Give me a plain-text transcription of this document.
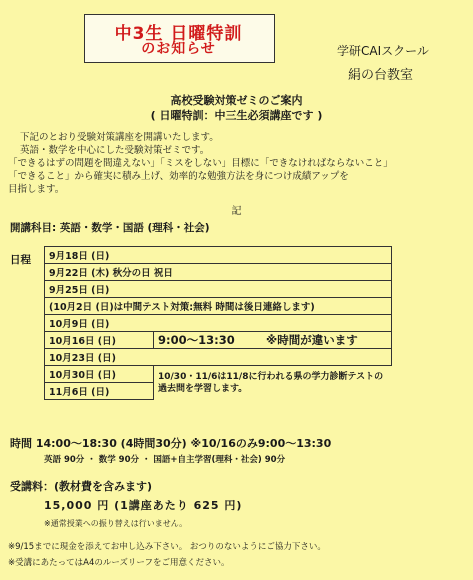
中3生 日曜特訓
のお知らせ	学研CAIスクール
絹の台教室
高校受験対策ゼミのご案内
( 日曜特訓：中三生必須講座です )
下記のとおり受験対策講座を開講いたします。
英語・数学を中心にした受験対策ゼミです。
「できるはずの問題を間違えない」「ミスをしない」目標に「できなければならないこと」
「できること」から確実に積み上げ、効率的な勉強方法を身につけ成績アップを
目指します。
記
開講科目: 英語・数学・国語 (理科・社会)
日程 9月18日 (日)	
9月22日 (木) 秋分の日 祝日	
9月25日 (日)	
(10月2日 (日)は中間テスト対策:無料 時間は後日連絡します)	
10月9日 (日)	
10月16日 (日)	9:00〜13:30 ※時間が違います
10月23日 (日)	
10月30日 (日)	10/30・11/6は11/8に行われる県の学力診断テストの
過去問を学習します。

11月6日 (日)	
時間 14:00〜18:30 (4時間30分) ※10/16のみ9:00〜13:30
英語 90分 ・ 数学 90分 ・ 国語+自主学習(理科・社会) 90分
受講料：(教材費を含みます)
15,000 円 (1講座あたり 625 円)
※通常授業への振り替えは行いません。
※9/15までに現金を添えてお申し込み下さい。 おつりのないようにご協力下さい。
※受講にあたってはA4のルーズリーフをご用意ください。
